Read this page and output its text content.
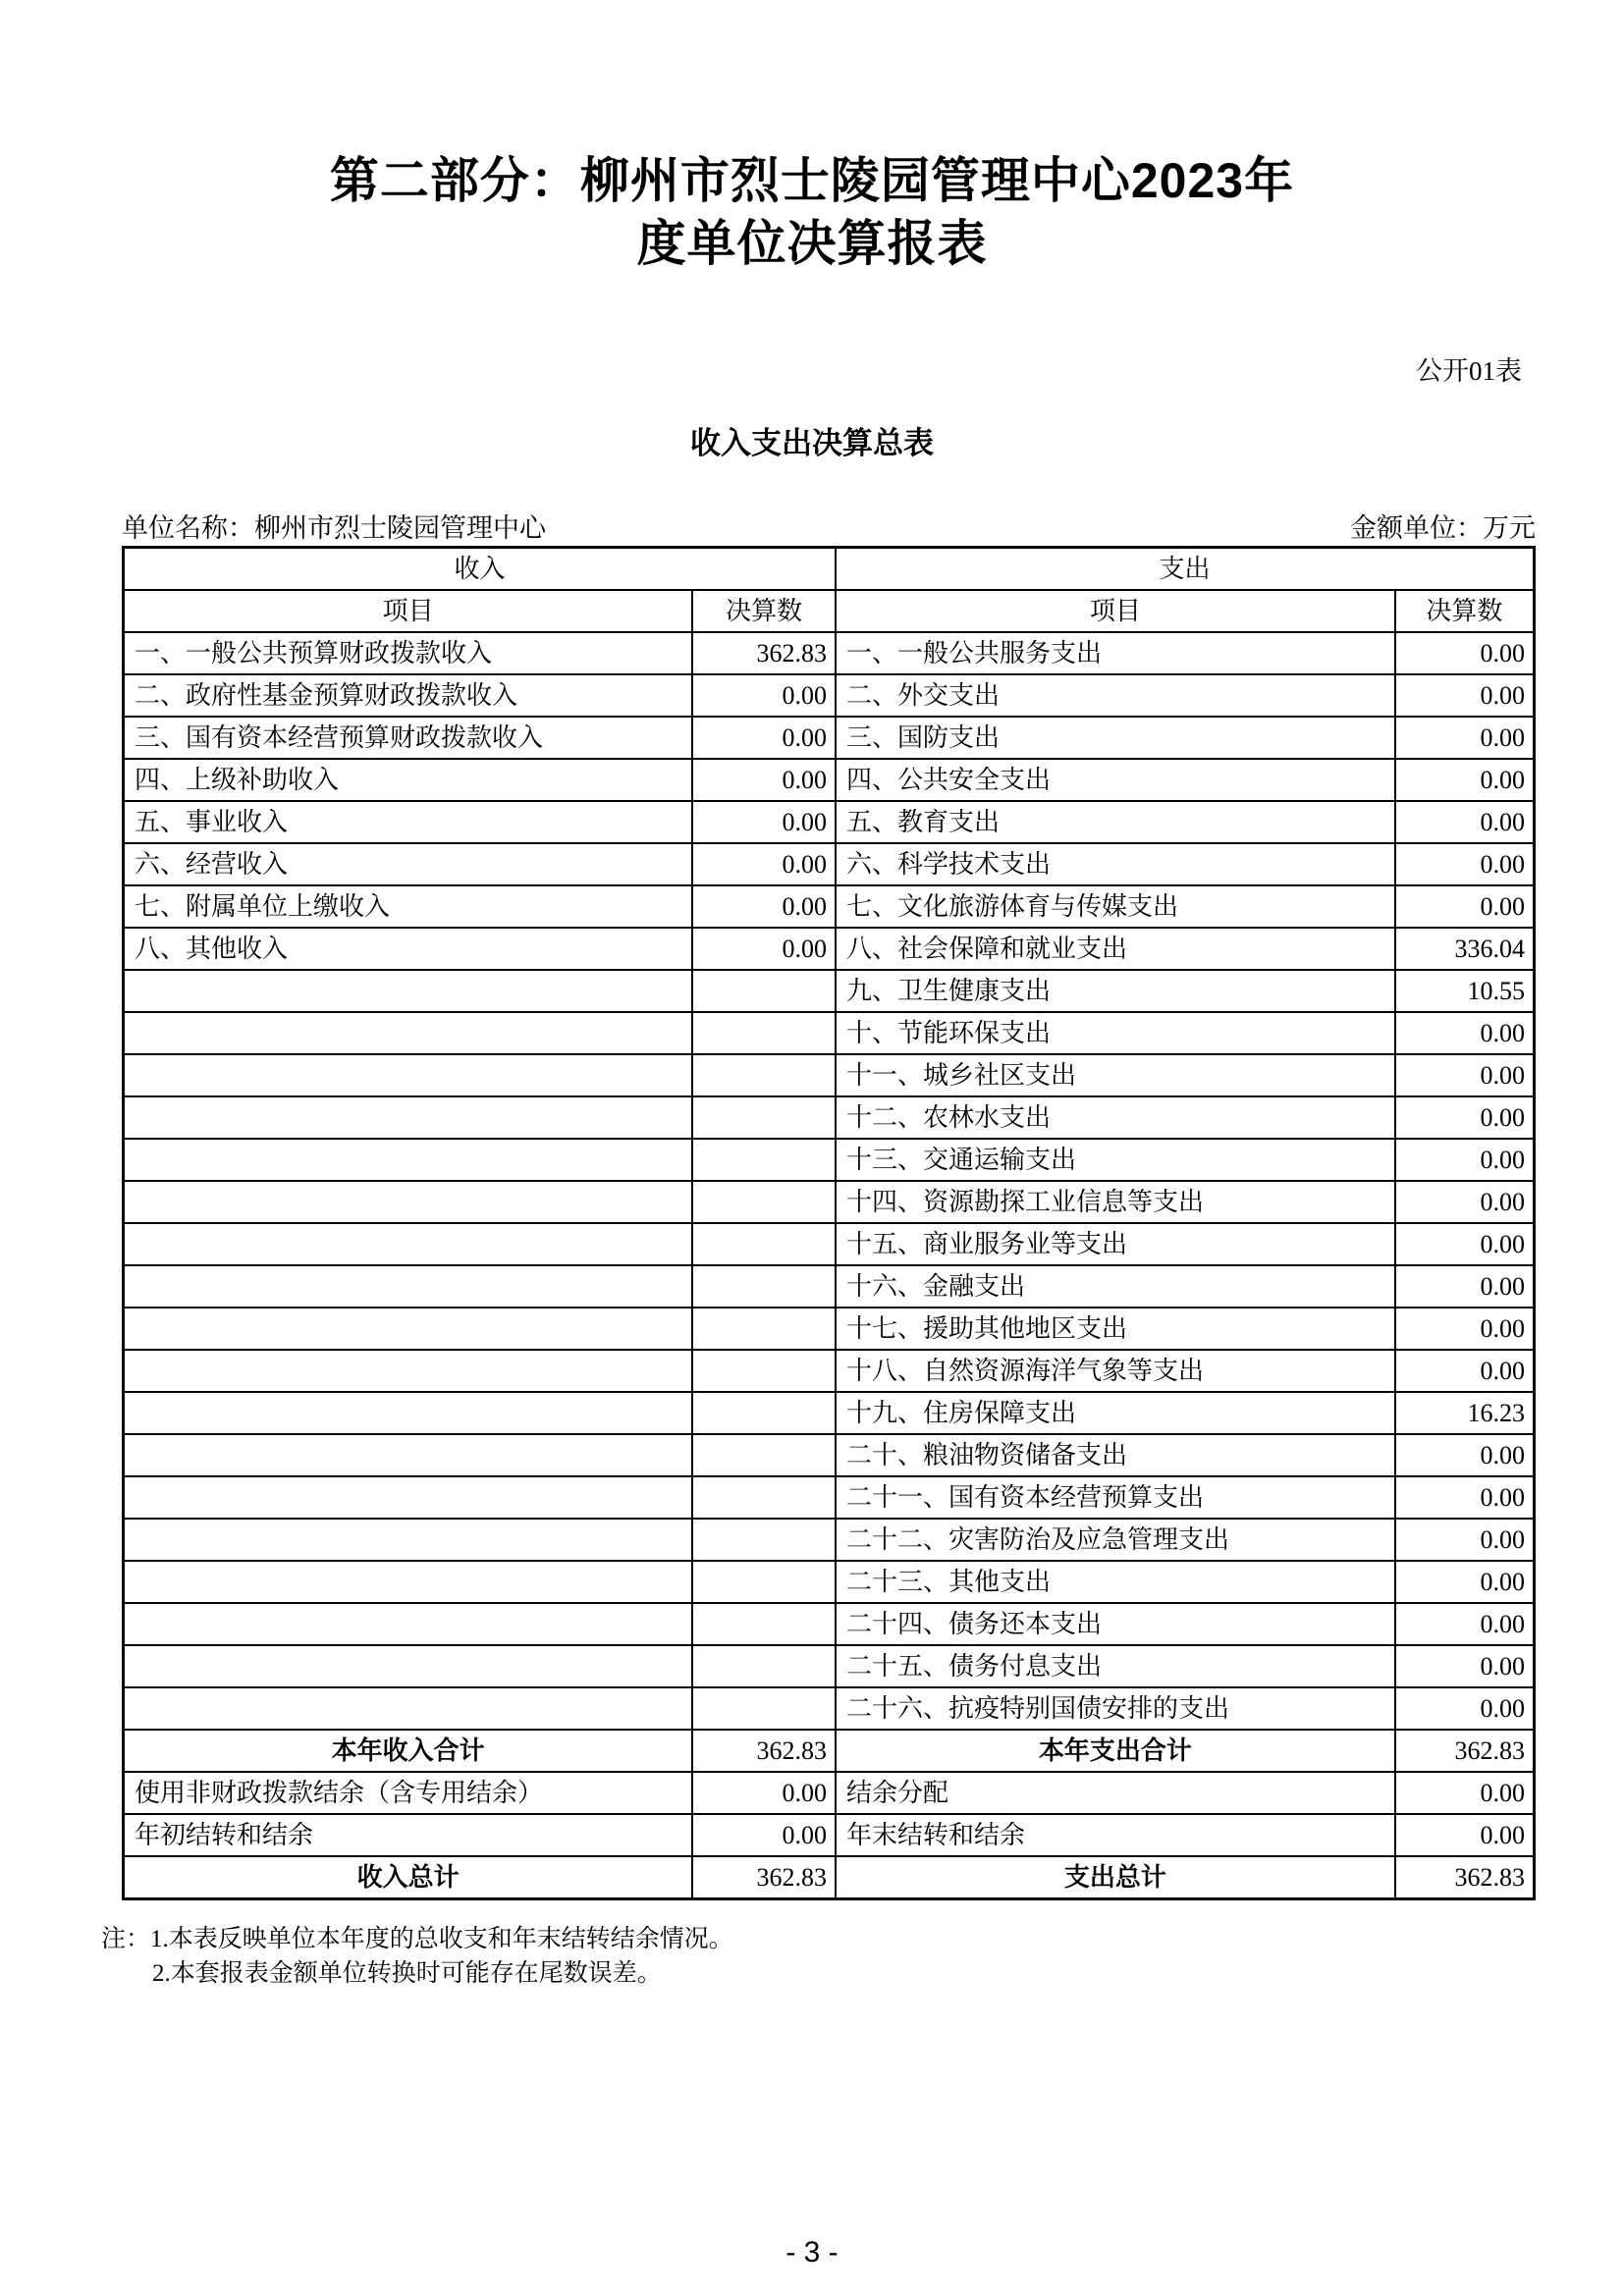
第二部分：柳州市烈士陵园管理中心2023年
度单位决算报表
公开01表
收入支出决算总表
单位名称：柳州市烈士陵园管理中心	金额单位：万元
收入		支出	
项目	决算数	项目	决算数
一、一般公共预算财政拨款收入	362.83	一、一般公共服务支出	0.00
二、政府性基金预算财政拨款收入	0.00	二、外交支出	0.00
三、国有资本经营预算财政拨款收入	0.00	三、国防支出	0.00
四、上级补助收入	0.00	四、公共安全支出	0.00
五、事业收入	0.00	五、教育支出	0.00
六、经营收入	0.00	六、科学技术支出	0.00
七、附属单位上缴收入	0.00	七、文化旅游体育与传媒支出	0.00
八、其他收入	0.00	八、社会保障和就业支出	336.04
		九、卫生健康支出	10.55
		十、节能环保支出	0.00
		十一、城乡社区支出	0.00
		十二、农林水支出	0.00
		十三、交通运输支出	0.00
		十四、资源勘探工业信息等支出	0.00
		十五、商业服务业等支出	0.00
		十六、金融支出	0.00
		十七、援助其他地区支出	0.00
		十八、自然资源海洋气象等支出	0.00
		十九、住房保障支出	16.23
		二十、粮油物资储备支出	0.00
		二十一、国有资本经营预算支出	0.00
		二十二、灾害防治及应急管理支出	0.00
		二十三、其他支出	0.00
		二十四、债务还本支出	0.00
		二十五、债务付息支出	0.00
		二十六、抗疫特别国债安排的支出	0.00
本年收入合计	362.83	本年支出合计	362.83
使用非财政拨款结余（含专用结余）	0.00	结余分配	0.00
年初结转和结余	0.00	年末结转和结余	0.00
收入总计	362.83	支出总计	362.83
注：1.本表反映单位本年度的总收支和年末结转结余情况。
2.本套报表金额单位转换时可能存在尾数误差。
- 3 -
